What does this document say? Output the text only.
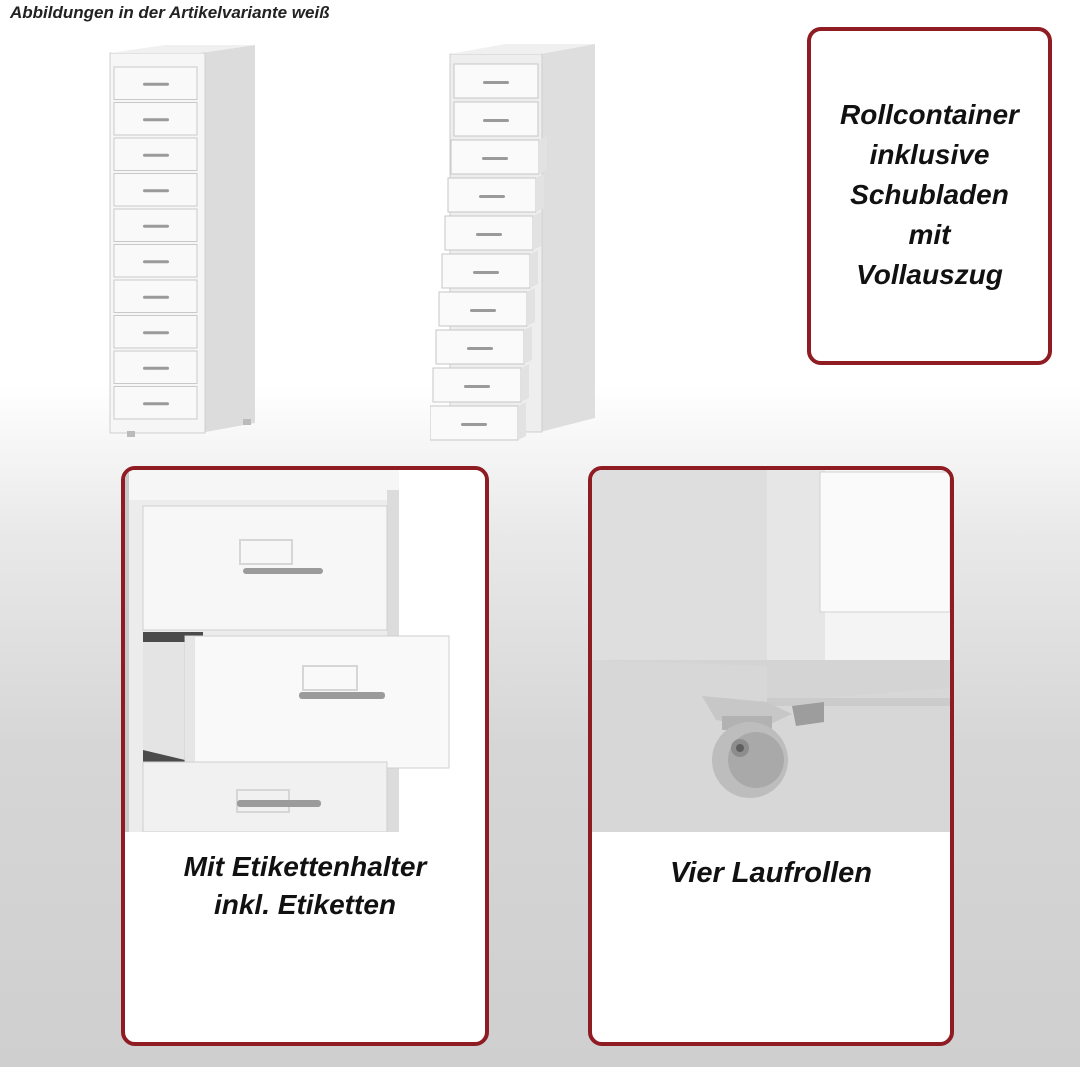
Abbildungen in der Artikelvariante weiß
Rollcontainer
inklusive
Schubladen
mit
Vollauszug
Mit Etikettenhalter
inkl. Etiketten
Vier Laufrollen
